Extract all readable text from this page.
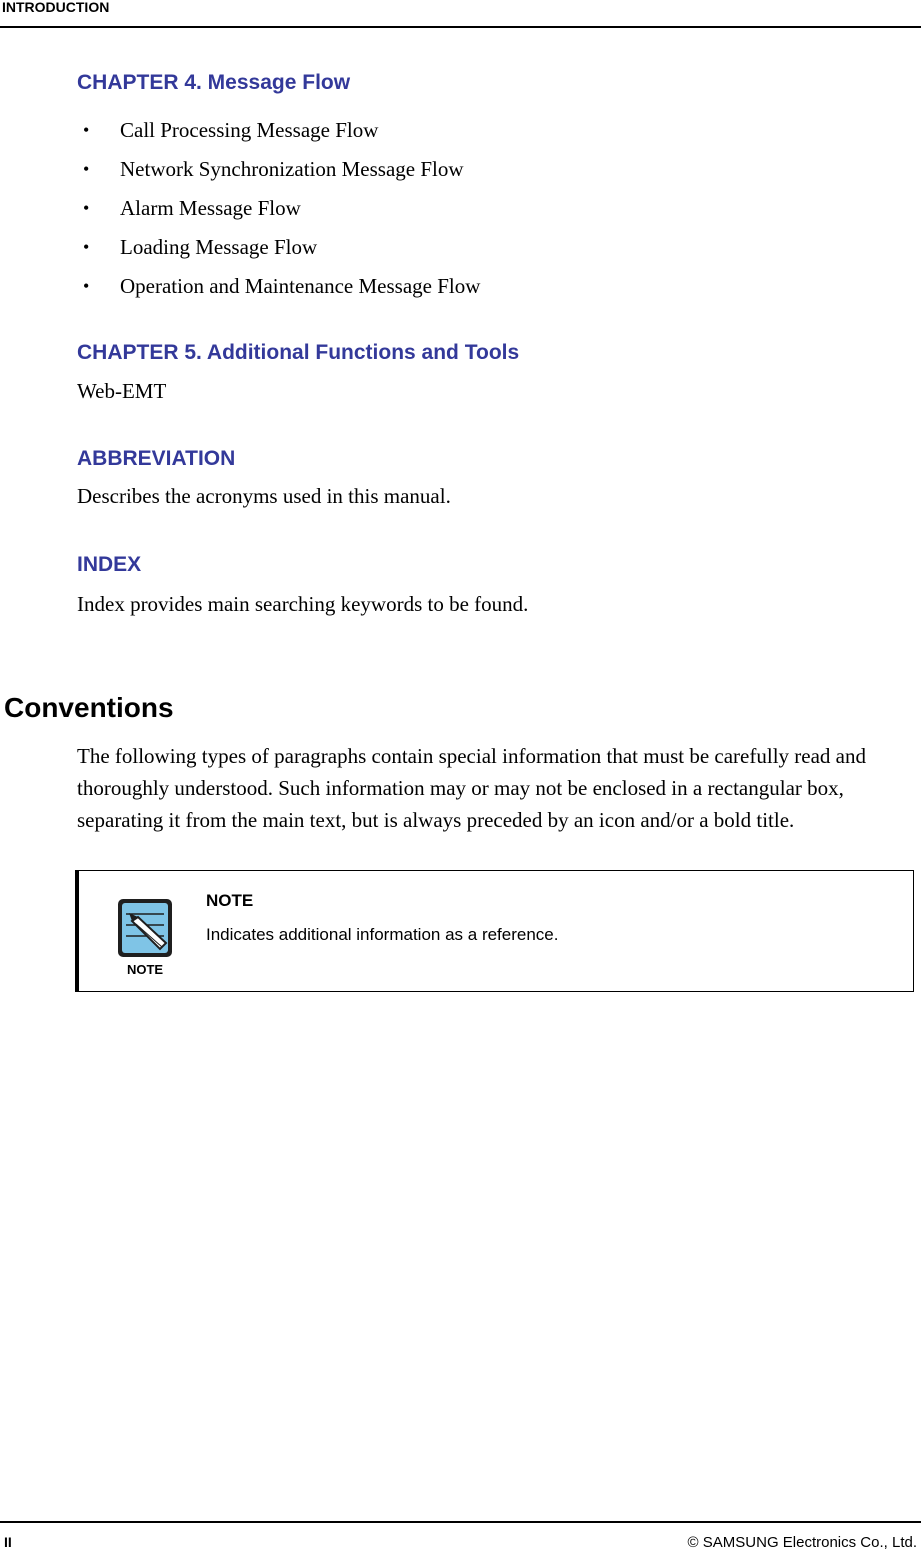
INTRODUCTION
CHAPTER 4. Message Flow
• Call Processing Message Flow
• Network Synchronization Message Flow
• Alarm Message Flow
• Loading Message Flow
• Operation and Maintenance Message Flow
CHAPTER 5. Additional Functions and Tools

Web-EMT

ABBREVIATION

Describes the acronyms used in this manual.

INDEX

Index provides main searching keywords to be found.

Conventions

The following types of paragraphs contain special information that must be carefully read and thoroughly understood. Such information may or may not be enclosed in a rectangular box, separating it from the main text, but is always preceded by an icon and/or a bold title.

NOTE
NOTE
Indicates additional information as a reference.
II	© SAMSUNG Electronics Co., Ltd.
